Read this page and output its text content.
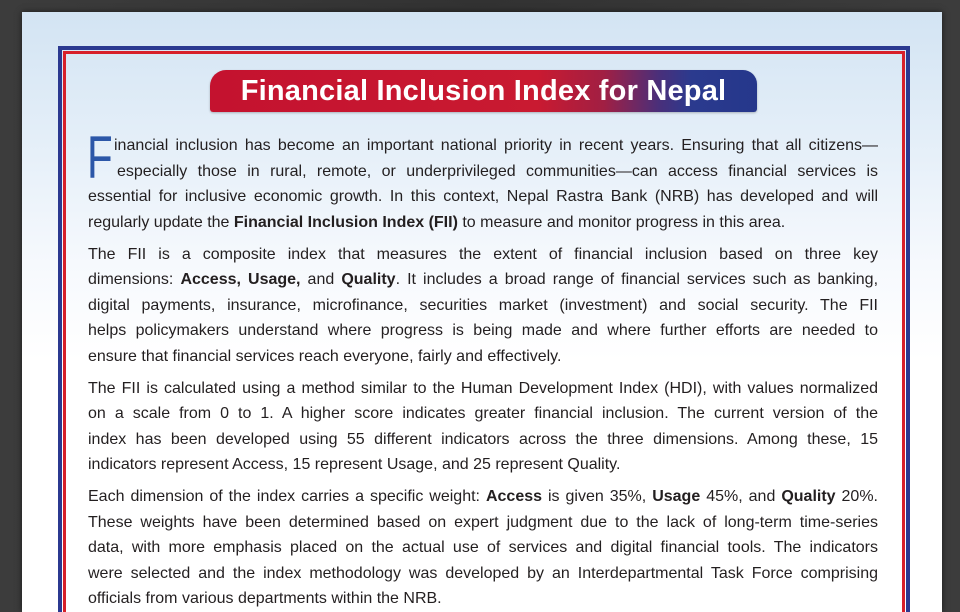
Financial Inclusion Index for Nepal
F inancial inclusion has become an important national priority in recent years. Ensuring that all citizens—
especially those in rural, remote, or underprivileged communities—can access financial services is
essential for inclusive economic growth. In this context, Nepal Rastra Bank (NRB) has developed and will
regularly update the Financial Inclusion Index (FII) to measure and monitor progress in this area.
The FII is a composite index that measures the extent of financial inclusion based on three key
dimensions: Access, Usage, and Quality. It includes a broad range of financial services such as banking,
digital payments, insurance, microfinance, securities market (investment) and social security. The FII
helps policymakers understand where progress is being made and where further efforts are needed to
ensure that financial services reach everyone, fairly and effectively.
The FII is calculated using a method similar to the Human Development Index (HDI), with values normalized
on a scale from 0 to 1. A higher score indicates greater financial inclusion. The current version of the
index has been developed using 55 different indicators across the three dimensions. Among these, 15
indicators represent Access, 15 represent Usage, and 25 represent Quality.
Each dimension of the index carries a specific weight: Access is given 35%, Usage 45%, and Quality 20%.
These weights have been determined based on expert judgment due to the lack of long-term time-series
data, with more emphasis placed on the actual use of services and digital financial tools. The indicators
were selected and the index methodology was developed by an Interdepartmental Task Force comprising
officials from various departments within the NRB.
